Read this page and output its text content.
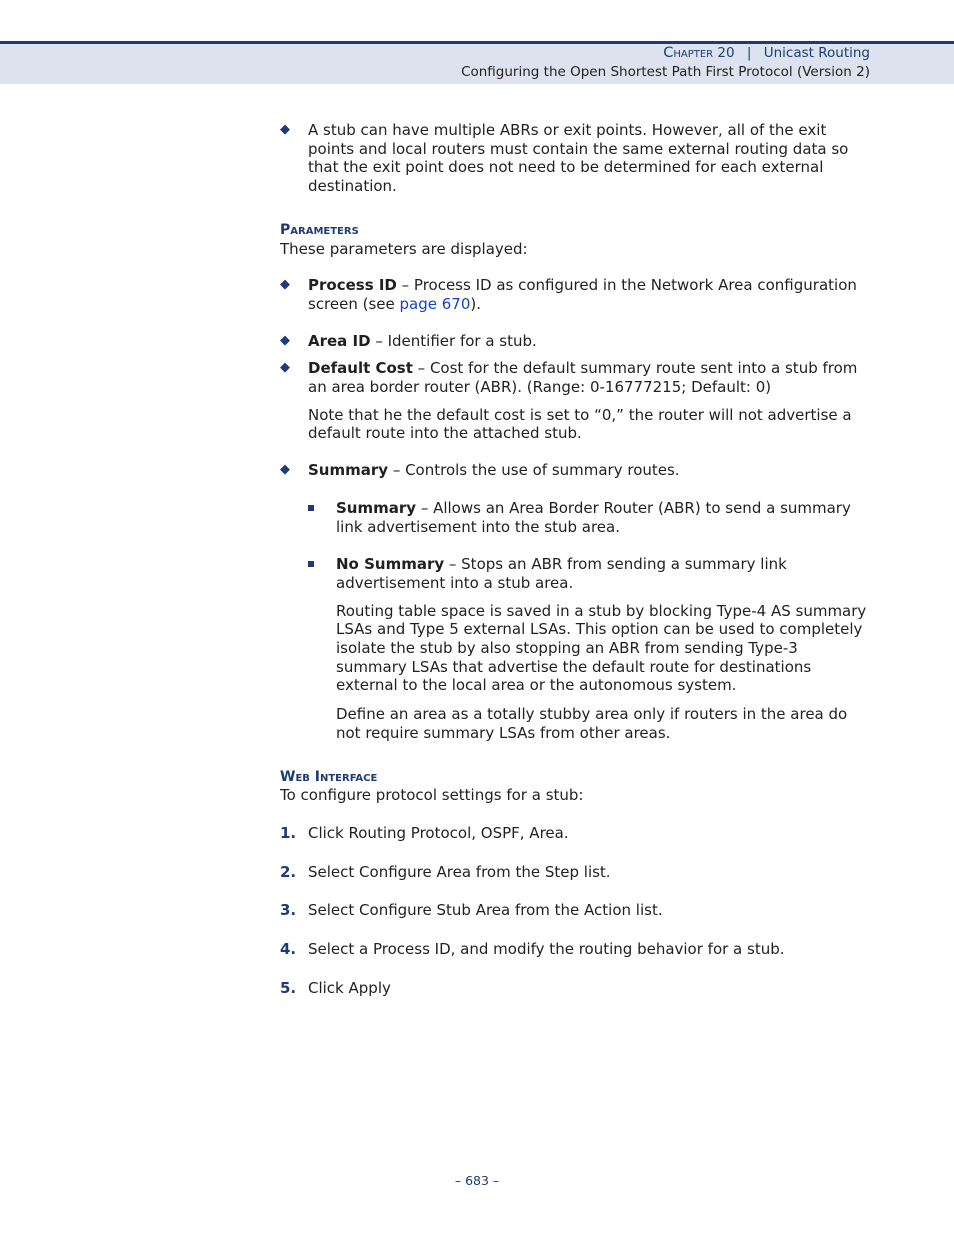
Chapter 20 | Unicast Routing
Configuring the Open Shortest Path First Protocol (Version 2)

◆ A stub can have multiple ABRs or exit points. However, all of the exit points and local routers must contain the same external routing data so that the exit point does not need to be determined for each external destination.

Parameters

These parameters are displayed:

◆ Process ID – Process ID as configured in the Network Area configuration screen (see page 670).

◆ Area ID – Identifier for a stub.

◆ Default Cost – Cost for the default summary route sent into a stub from an area border router (ABR). (Range: 0-16777215; Default: 0)

Note that he the default cost is set to “0,” the router will not advertise a default route into the attached stub.

◆ Summary – Controls the use of summary routes.

Summary – Allows an Area Border Router (ABR) to send a summary link advertisement into the stub area.

No Summary – Stops an ABR from sending a summary link advertisement into a stub area.

Routing table space is saved in a stub by blocking Type-4 AS summary LSAs and Type 5 external LSAs. This option can be used to completely isolate the stub by also stopping an ABR from sending Type-3 summary LSAs that advertise the default route for destinations external to the local area or the autonomous system.

Define an area as a totally stubby area only if routers in the area do not require summary LSAs from other areas.

Web Interface

To configure protocol settings for a stub:

1. Click Routing Protocol, OSPF, Area.

2. Select Configure Area from the Step list.

3. Select Configure Stub Area from the Action list.

4. Select a Process ID, and modify the routing behavior for a stub.

5. Click Apply

– 683 –
